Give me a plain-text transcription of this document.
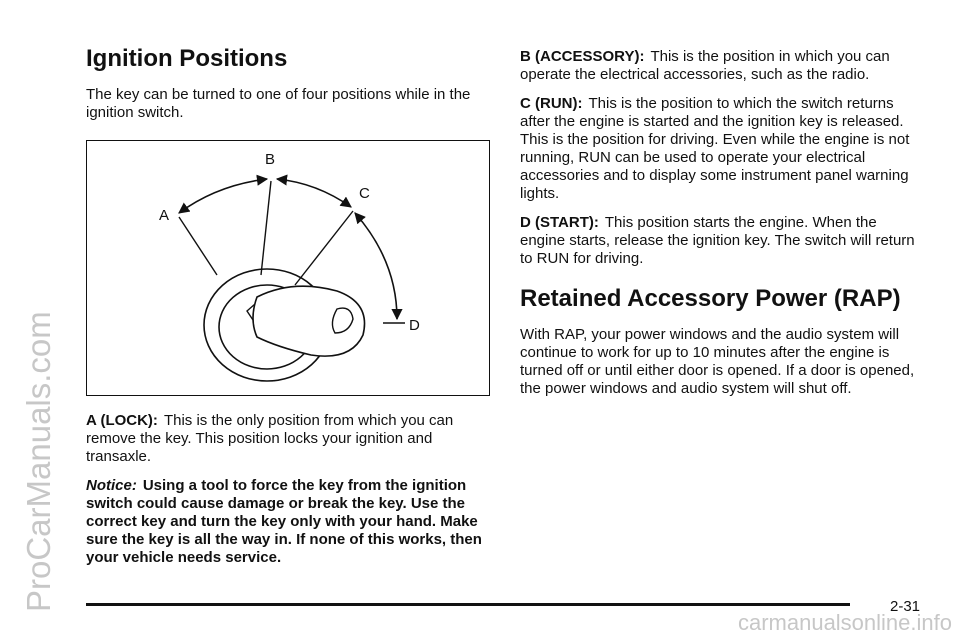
ProCarManuals.com
Ignition Positions

The key can be turned to one of four positions while in the ignition switch.

A
B
C
D

A (LOCK): This is the only position from which you can remove the key. This position locks your ignition and transaxle.

Notice: Using a tool to force the key from the ignition switch could cause damage or break the key. Use the correct key and turn the key only with your hand. Make sure the key is all the way in. If none of this works, then your vehicle needs service.

B (ACCESSORY): This is the position in which you can operate the electrical accessories, such as the radio.

C (RUN): This is the position to which the switch returns after the engine is started and the ignition key is released. This is the position for driving. Even while the engine is not running, RUN can be used to operate your electrical accessories and to display some instrument panel warning lights.

D (START): This position starts the engine. When the engine starts, release the ignition key. The switch will return to RUN for driving.

Retained Accessory Power (RAP)

With RAP, your power windows and the audio system will continue to work for up to 10 minutes after the engine is turned off or until either door is opened. If a door is opened, the power windows and audio system will shut off.

2-31
carmanualsonline.info
